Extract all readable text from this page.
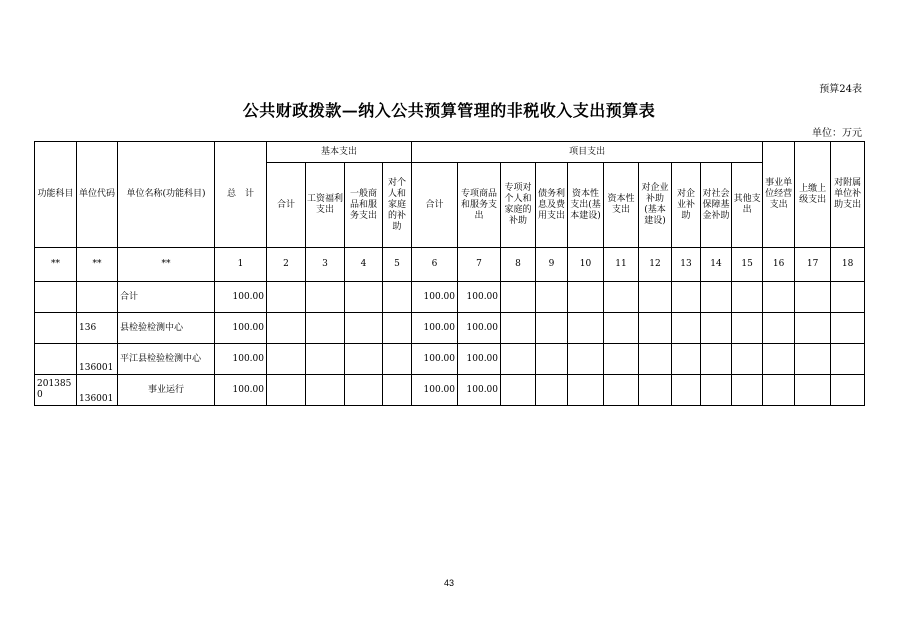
预算24表
公共财政拨款—纳入公共预算管理的非税收入支出预算表
单位：万元
功能科目	单位代码	单位名称(功能科目)	总　计	基本支出				项目支出										事业单位经营支出	上缴上级支出	对附属单位补助支出
				合计	工资福利支出	一般商品和服务支出	对个人和家庭的补助	合计	专项商品和服务支出	专项对个人和家庭的补助	债务利息及费用支出	资本性支出(基本建设)	资本性支出	对企业补助(基本建设)	对企业补助	对社会保障基金补助	其他支出			
**	**	**	1	2	3	4	5	6	7	8	9	10	11	12	13	14	15	16	17	18
		合计	100.00					100.00	100.00											
	136	县检验检测中心	100.00					100.00	100.00											
	136001	平江县检验检测中心	100.00					100.00	100.00											
2013850	136001	事业运行	100.00					100.00	100.00											
43
